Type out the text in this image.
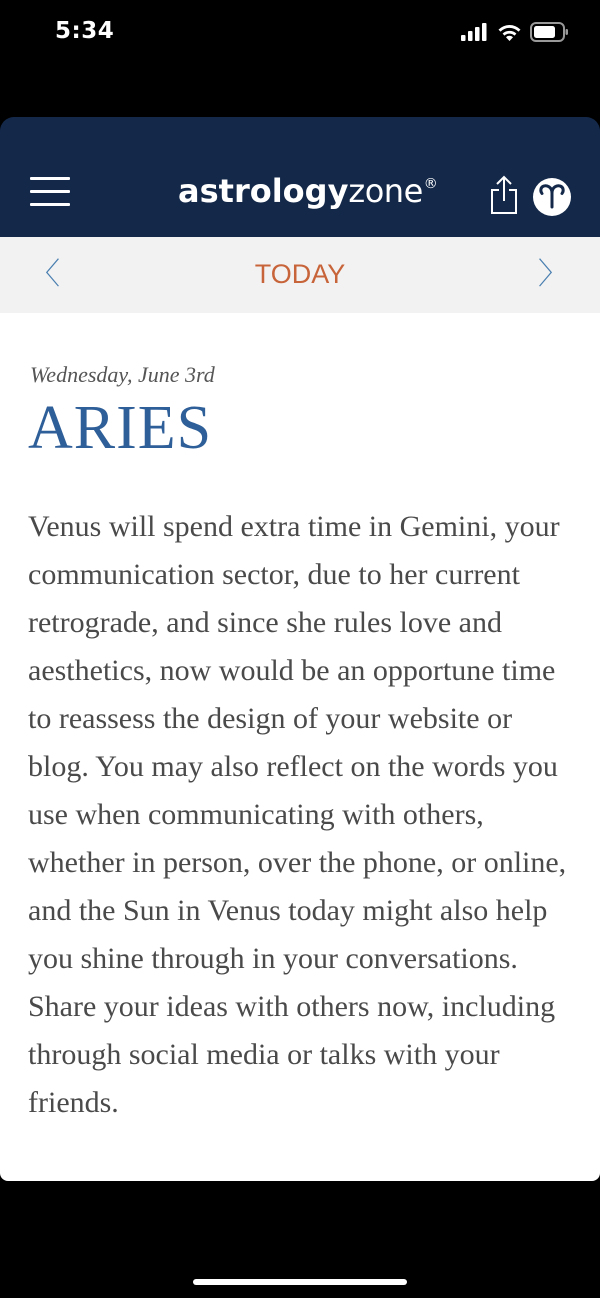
5:34
astrologyzone®
〈	TODAY	〉
Wednesday, June 3rd
ARIES

Venus will spend extra time in Gemini, your communication sector, due to her current retrograde, and since she rules love and aesthetics, now would be an opportune time to reassess the design of your website or blog. You may also reflect on the words you use when communicating with others, whether in person, over the phone, or online, and the Sun in Venus today might also help you shine through in your conversations. Share your ideas with others now, including through social media or talks with your friends.
